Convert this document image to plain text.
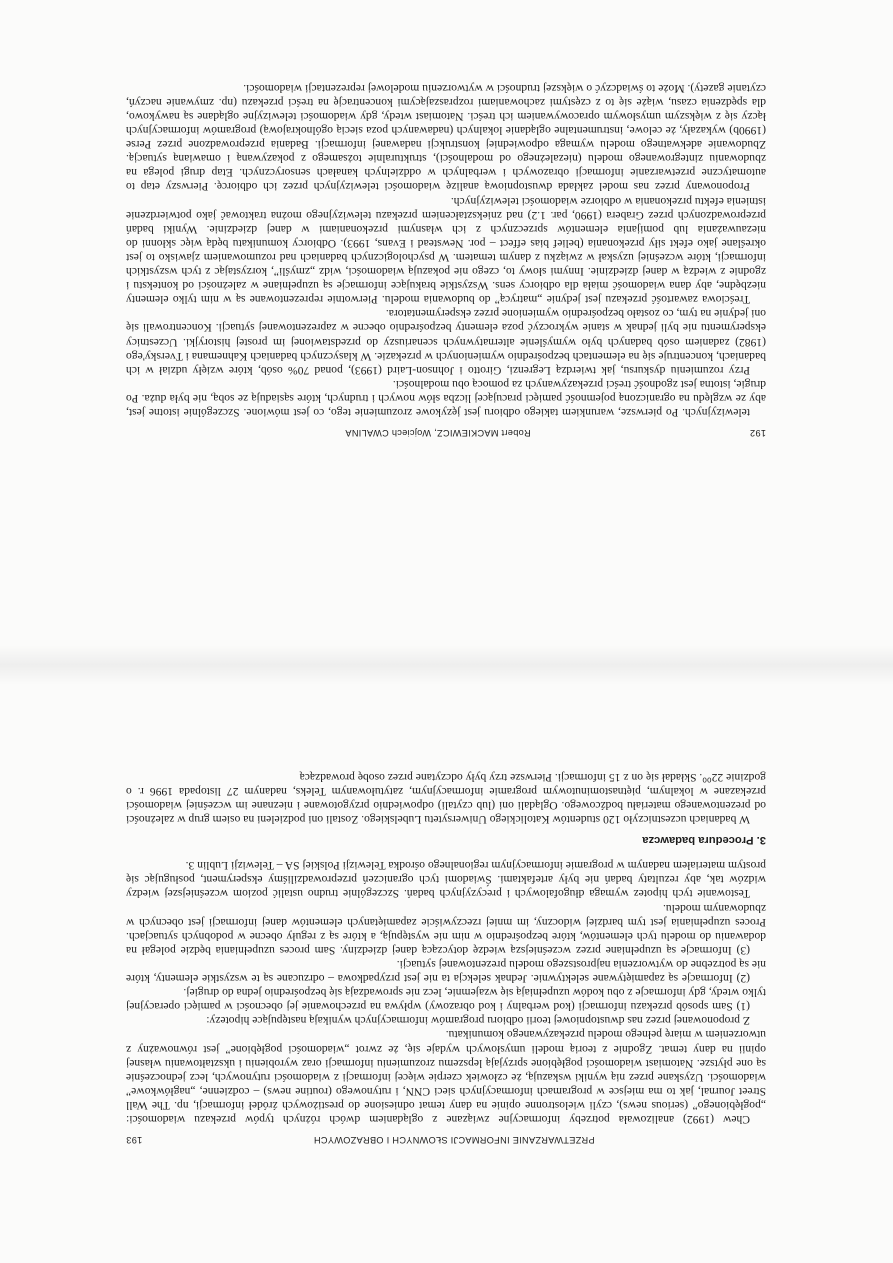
192
Robert MACKIEWICZ, Wojciech CWALINA

telewizyjnych. Po pierwsze, warunkiem takiego odbioru jest językowe zrozumienie tego, co jest mówione. Szczególnie istotne jest, aby ze względu na ograniczoną pojemność pamięci pracującej liczba słów nowych i trudnych, które sąsiadują ze sobą, nie była duża. Po drugie, istotna jest zgodność treści przekazywanych za pomocą obu modalności.

Przy rozumieniu dyskursu, jak twierdzą Legrenzi, Girotto i Johnson-Laird (1993), ponad 70% osób, które wzięły udział w ich badaniach, koncentruje się na elementach bezpośrednio wymienionych w przekazie. W klasycznych badaniach Kahnemana i Tversky'ego (1982) zadaniem osób badanych było wymyślenie alternatywnych scenariuszy do przedstawionej im prostej historyjki. Uczestnicy eksperymentu nie byli jednak w stanie wykroczyć poza elementy bezpośrednio obecne w zaprezentowanej sytuacji. Koncentrowali się oni jedynie na tym, co zostało bezpośrednio wymienione przez eksperymentatora.

Treściowa zawartość przekazu jest jedynie „matrycą” do budowania modelu. Pierwotnie reprezentowane są w nim tylko elementy niezbędne, aby dana wiadomość miała dla odbiorcy sens. Wszystkie brakujące informacje są uzupełniane w zależności od kontekstu i zgodnie z wiedzą w danej dziedzinie. Innymi słowy to, czego nie pokazują wiadomości, widz „zmyśli”, korzystając z tych wszystkich informacji, które wcześniej uzyskał w związku z danym tematem. W psychologicznych badaniach nad rozumowaniem zjawisko to jest określane jako efekt siły przekonania (belief bias effect – por. Newstead i Evans, 1993). Odbiorcy komunikatu będą więc skłonni do niezauważania lub pomijania elementów sprzecznych z ich własnymi przekonaniami w danej dziedzinie. Wyniki badań przeprowadzonych przez Grabera (1990, par. 1.2) nad zniekształceniem przekazu telewizyjnego można traktować jako potwierdzenie istnienia efektu przekonania w odbiorze wiadomości telewizyjnych.

Proponowany przez nas model zakłada dwustopniową analizę wiadomości telewizyjnych przez ich odbiorcę. Pierwszy etap to automatyczne przetwarzanie informacji obrazowych i werbalnych w oddzielnych kanałach sensorycznych. Etap drugi polega na zbudowaniu zintegrowanego modelu (niezależnego od modalności), strukturalnie tożsamego z pokazywaną i omawianą sytuacją. Zbudowanie adekwatnego modelu wymaga odpowiedniej konstrukcji nadawanej informacji. Badania przeprowadzone przez Perse (1990b) wykazały, że celowe, instrumentalne oglądanie lokalnych (nadawanych poza siecią ogólnokrajową) programów informacyjnych łączy się z większym umysłowym opracowywaniem ich treści. Natomiast wtedy, gdy wiadomości telewizyjne oglądane są nawykowo, dla spędzenia czasu, wiąże się to z częstymi zachowaniami rozpraszającymi koncentrację na treści przekazu (np. zmywanie naczyń, czytanie gazety). Może to świadczyć o większej trudności w wytworzeniu modelowej reprezentacji wiadomości.

PRZETWARZANIE INFORMACJI SŁOWNYCH I OBRAZOWYCH
193

Chew (1992) analizowała potrzeby informacyjne związane z oglądaniem dwóch różnych typów przekazu wiadomości: „pogłębionego” (serious news), czyli wielostronne opinie na dany temat odniesione do prestiżowych źródeł informacji, np. The Wall Street Journal, jak to ma miejsce w programach informacyjnych sieci CNN, i rutynowego (routine news) – codzienne, „nagłówkowe” wiadomości. Uzyskane przez nią wyniki wskazują, że człowiek czerpie więcej informacji z wiadomości rutynowych, lecz jednocześnie są one płytsze. Natomiast wiadomości pogłębione sprzyjają lepszemu zrozumieniu informacji oraz wyrobieniu i ukształtowaniu własnej opinii na dany temat. Zgodnie z teorią modeli umysłowych wydaje się, że zwrot „wiadomości pogłębione” jest równoważny z utworzeniem w miarę pełnego modelu przekazywanego komunikatu.

Z proponowanej przez nas dwustopniowej teorii odbioru programów informacyjnych wynikają następujące hipotezy:

(1) Sam sposób przekazu informacji (kod werbalny i kod obrazowy) wpływa na przechowanie jej obecności w pamięci operacyjnej tylko wtedy, gdy informacje z obu kodów uzupełniają się wzajemnie, lecz nie sprowadzają się bezpośrednio jedna do drugiej.

(2) Informacje są zapamiętywane selektywnie. Jednak selekcja ta nie jest przypadkowa – odrzucane są te wszystkie elementy, które nie są potrzebne do wytworzenia najprostszego modelu prezentowanej sytuacji.

(3) Informacje są uzupełniane przez wcześniejszą wiedzę dotyczącą danej dziedziny. Sam proces uzupełniania będzie polegał na dodawaniu do modelu tych elementów, które bezpośrednio w nim nie występują, a które są z reguły obecne w podobnych sytuacjach. Proces uzupełniania jest tym bardziej widoczny, im mniej rzeczywiście zapamiętanych elementów danej informacji jest obecnych w zbudowanym modelu.

Testowanie tych hipotez wymaga długofalowych i precyzyjnych badań. Szczególnie trudno ustalić poziom wcześniejszej wiedzy widzów tak, aby rezultaty badań nie były artefaktami. Świadomi tych ograniczeń przeprowadziliśmy eksperyment, posługując się prostym materiałem nadanym w programie informacyjnym regionalnego ośrodka Telewizji Polskiej SA – Telewizji Lublin 3.

3. Procedura badawcza

W badaniach uczestniczyło 120 studentów Katolickiego Uniwersytetu Lubelskiego. Zostali oni podzieleni na osiem grup w zależności od prezentowanego materiału bodźcowego. Oglądali oni (lub czytali) odpowiednio przygotowane i nieznane im wcześniej wiadomości przekazane w lokalnym, piętnastominutowym programie informacyjnym, zatytułowanym Teleks, nadanym 27 listopada 1996 r. o godzinie 22⁰⁰. Składał się on z 15 informacji. Pierwsze trzy były odczytane przez osobę prowadzącą
